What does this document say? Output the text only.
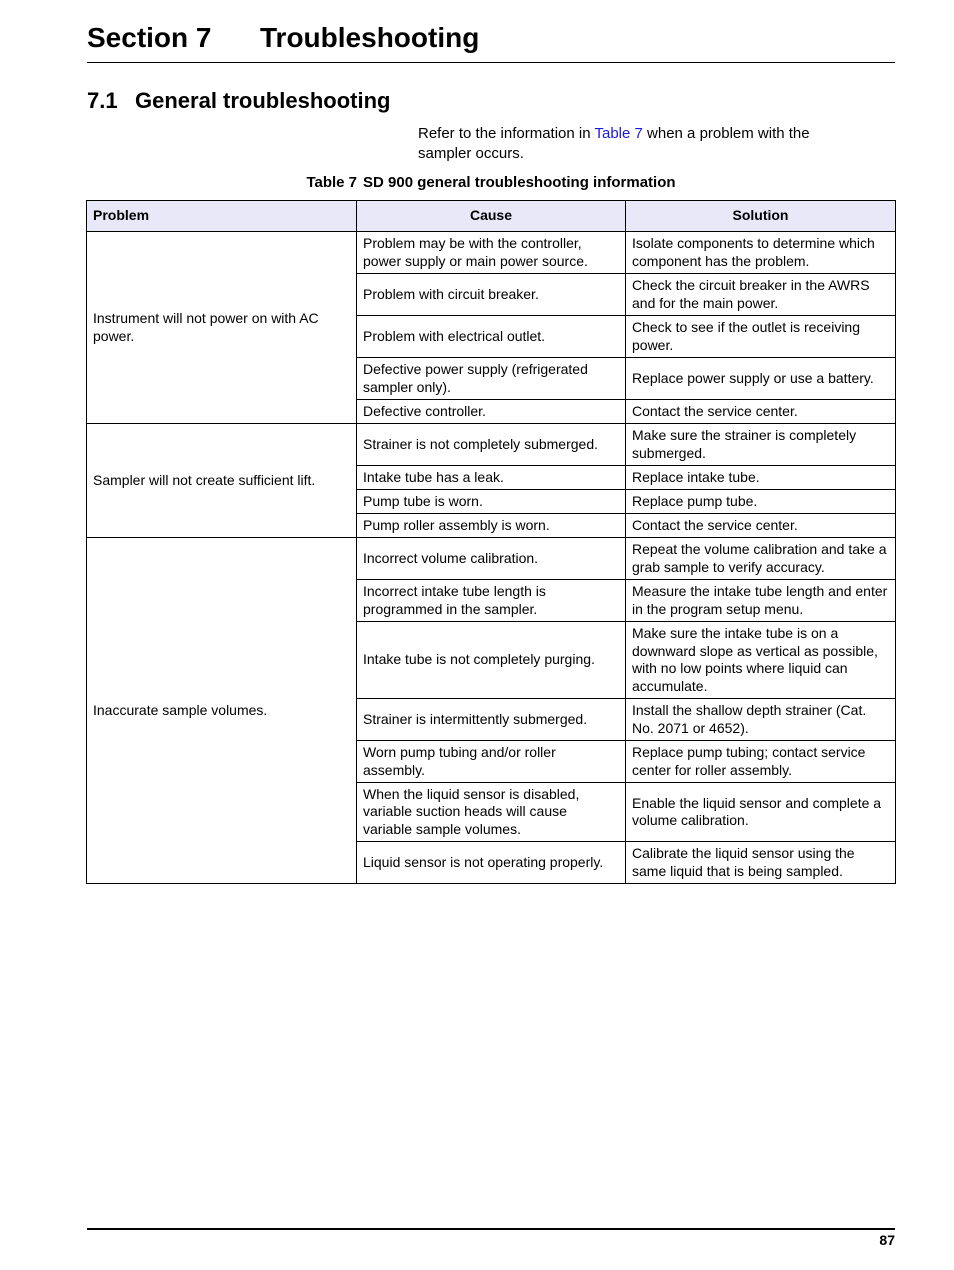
Section 7 Troubleshooting
7.1 General troubleshooting
Refer to the information in Table 7 when a problem with the sampler occurs.
Table 7 SD 900 general troubleshooting information
Problem	Cause	Solution
Instrument will not power on with AC power.	Problem may be with the controller, power supply or main power source.	Isolate components to determine which component has the problem.
	Problem with circuit breaker.	Check the circuit breaker in the AWRS and for the main power.
	Problem with electrical outlet.	Check to see if the outlet is receiving power.
	Defective power supply (refrigerated sampler only).	Replace power supply or use a battery.
	Defective controller.	Contact the service center.
Sampler will not create sufficient lift.	Strainer is not completely submerged.	Make sure the strainer is completely submerged.
	Intake tube has a leak.	Replace intake tube.
	Pump tube is worn.	Replace pump tube.
	Pump roller assembly is worn.	Contact the service center.
Inaccurate sample volumes.	Incorrect volume calibration.	Repeat the volume calibration and take a grab sample to verify accuracy.
	Incorrect intake tube length is programmed in the sampler.	Measure the intake tube length and enter in the program setup menu.
	Intake tube is not completely purging.	Make sure the intake tube is on a downward slope as vertical as possible, with no low points where liquid can accumulate.
	Strainer is intermittently submerged.	Install the shallow depth strainer (Cat. No. 2071 or 4652).
	Worn pump tubing and/or roller assembly.	Replace pump tubing; contact service center for roller assembly.
	When the liquid sensor is disabled, variable suction heads will cause variable sample volumes.	Enable the liquid sensor and complete a volume calibration.
	Liquid sensor is not operating properly.	Calibrate the liquid sensor using the same liquid that is being sampled.
87
